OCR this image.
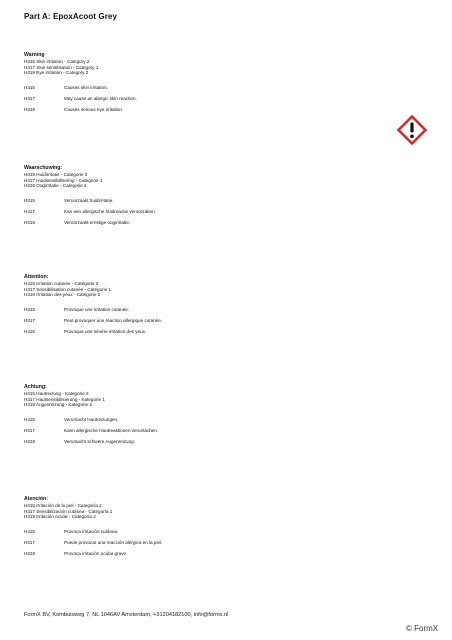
Part A: EpoxAcoot Grey
Warning
H315 Skin irritation - Category 2
H317 Skin sensitisation - Category 1
H319 Eye irritation - Category 2
H315	Causes skin irritation.
H317	May cause an allergic skin reaction.
H319	Causes serious eye irritation.
Waarschuwing:
H315 Huidirritatie - Categorie 2
H317 Huidsensibilisering - Categorie 1
H319 Oogirritatie - Categorie 2
H315	Veroorzaakt huidirritatie.
H317	Kan een allergische huidreactie veroorzaken.
H319	Veroorzaakt ernstige oogirritatie.
Attention:
H315 Irritation cutanée - Catégorie 2
H317 Sensibilisation cutanée - Catégorie 1
H319 Irritation des yeux - Catégorie 2
H315	Provoque une irritation cutanée.
H317	Peut provoquer une réaction allergique cutanée.
H319	Provoque une sévère irritation des yeux.
Achtung:
H315 Hautreizung - Kategorie 2
H317 Hautsensibilisierung - Kategorie 1
H319 Augenreizung - Kategorie 2
H315	Verursacht Hautreizungen.
H317	Kann allergische Hautreaktionen verursachen.
H319	Verursacht schwere Augenreizung.
Atención:
H315 Irritación de la piel - Categoría 2
H317 Sensibilización cutánea - Categoría 1
H319 Irritación ocular - Categoría 2
H315	Provoca irritación cutánea.
H317	Puede provocar una reacción alérgica en la piel.
H319	Provoca irritación ocular grave.
FormX BV, Kombuisweg 7, NL 1046AV Amsterdam, +31204182100, info@formx.nl
© FormX
